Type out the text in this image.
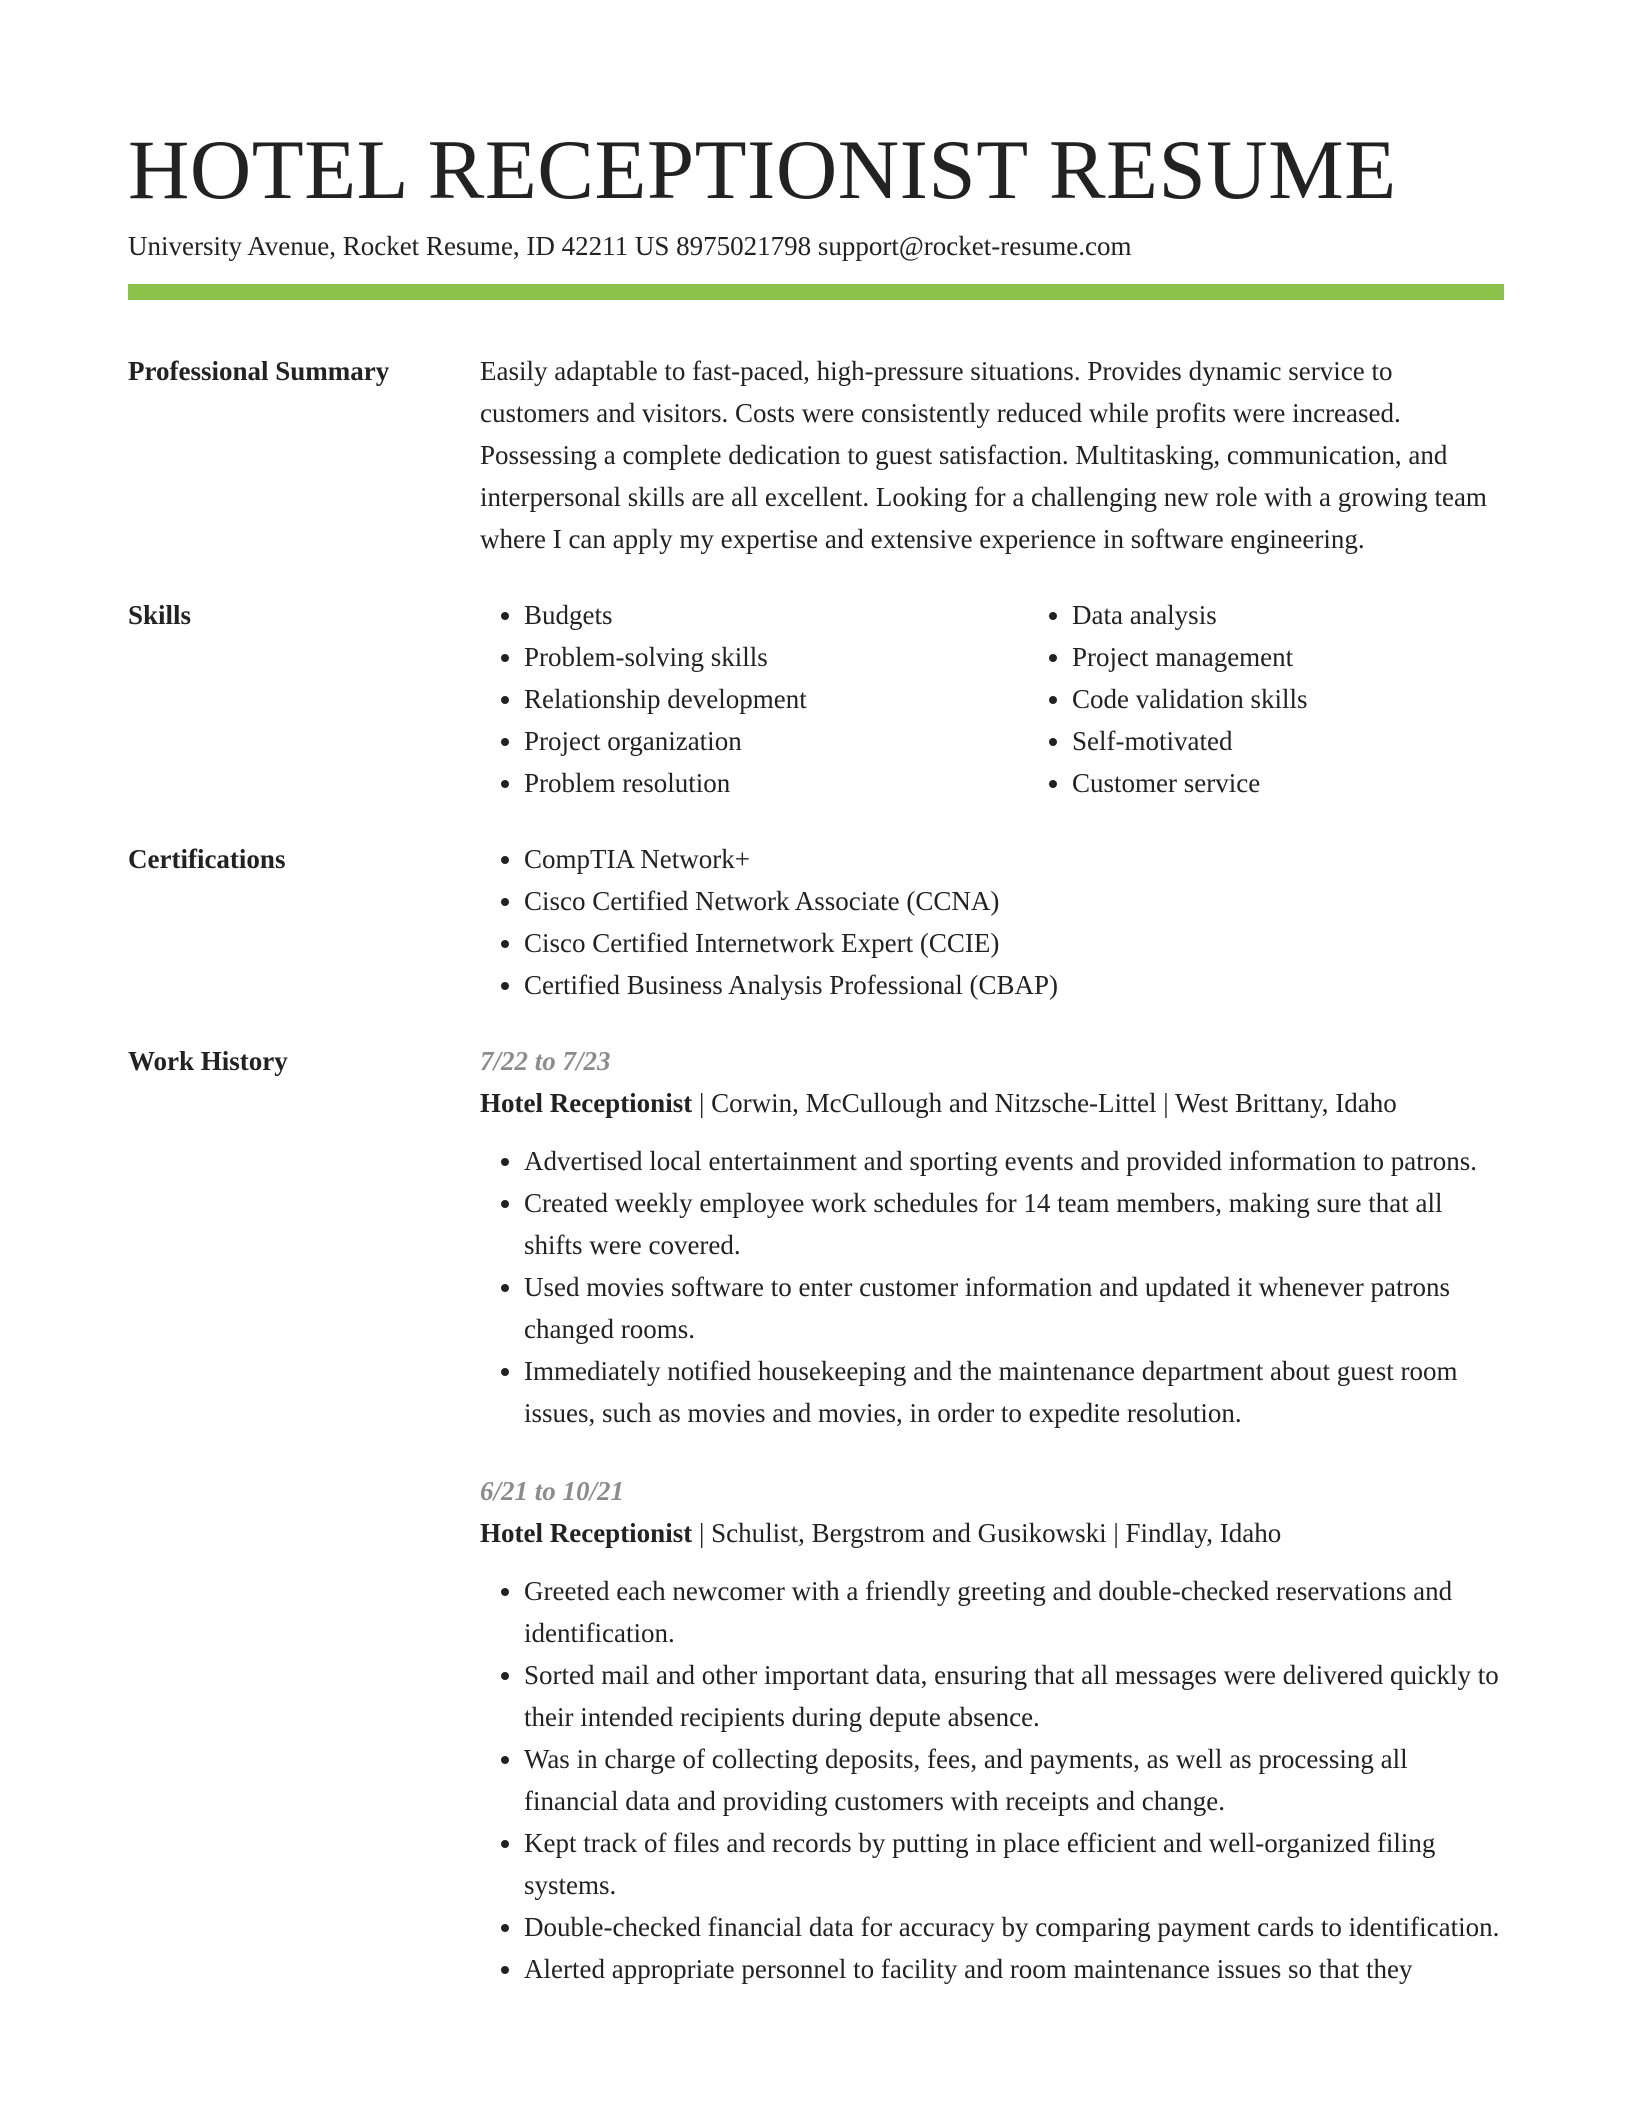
HOTEL RECEPTIONIST RESUME
University Avenue, Rocket Resume, ID 42211 US 8975021798 support@rocket-resume.com
Professional Summary	Easily adaptable to fast-paced, high-pressure situations. Provides dynamic service to customers and visitors. Costs were consistently reduced while profits were increased. Possessing a complete dedication to guest satisfaction. Multitasking, communication, and interpersonal skills are all excellent. Looking for a challenging new role with a growing team where I can apply my expertise and extensive experience in software engineering.

Skills	• Budgets
• Problem-solving skills
• Relationship development
• Project organization
• Problem resolution
• Data analysis
• Project management
• Code validation skills
• Self-motivated
• Customer service
Certifications	• CompTIA Network+
• Cisco Certified Network Associate (CCNA)
• Cisco Certified Internetwork Expert (CCIE)
• Certified Business Analysis Professional (CBAP)
Work History	7/22 to 7/23
Hotel Receptionist | Corwin, McCullough and Nitzsche-Littel | West Brittany, Idaho
• Advertised local entertainment and sporting events and provided information to patrons.
• Created weekly employee work schedules for 14 team members, making sure that all shifts were covered.
• Used movies software to enter customer information and updated it whenever patrons changed rooms.
• Immediately notified housekeeping and the maintenance department about guest room issues, such as movies and movies, in order to expedite resolution.
6/21 to 10/21
Hotel Receptionist | Schulist, Bergstrom and Gusikowski | Findlay, Idaho
• Greeted each newcomer with a friendly greeting and double-checked reservations and identification.
• Sorted mail and other important data, ensuring that all messages were delivered quickly to their intended recipients during depute absence.
• Was in charge of collecting deposits, fees, and payments, as well as processing all financial data and providing customers with receipts and change.
• Kept track of files and records by putting in place efficient and well-organized filing systems.
• Double-checked financial data for accuracy by comparing payment cards to identification.
• Alerted appropriate personnel to facility and room maintenance issues so that they
